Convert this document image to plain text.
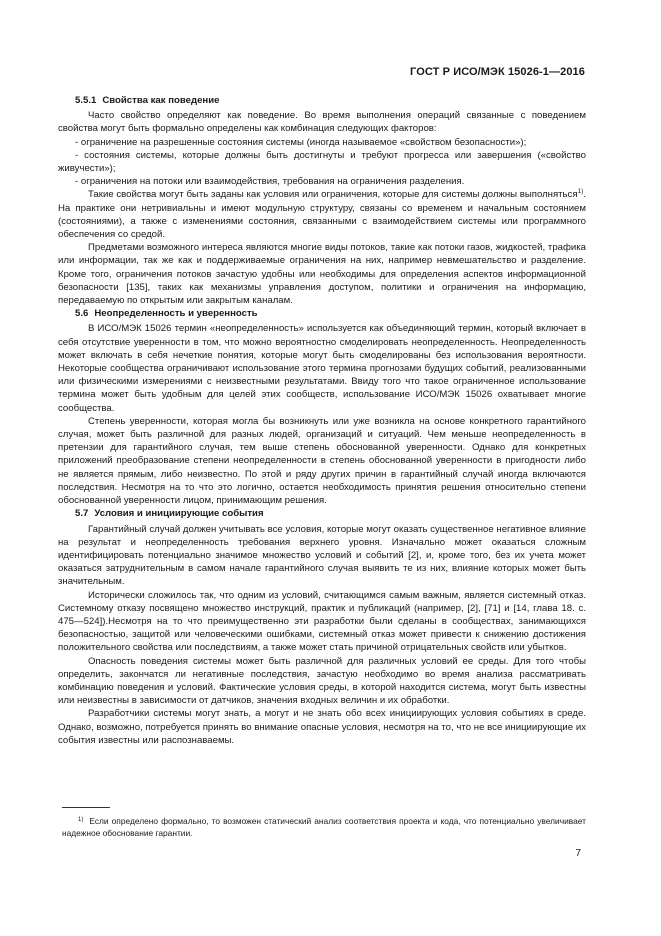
ГОСТ Р ИСО/МЭК 15026-1—2016

5.5.1 Свойства как поведение

Часто свойство определяют как поведение. Во время выполнения операций связанные с поведением свойства могут быть формально определены как комбинация следующих факторов:

- ограничение на разрешенные состояния системы (иногда называемое «свойством безопасности»);

- состояния системы, которые должны быть достигнуты и требуют прогресса или завершения («свойство живучести»);

- ограничения на потоки или взаимодействия, требования на ограничения разделения.

Такие свойства могут быть заданы как условия или ограничения, которые для системы должны выполняться$^{1)}$. На практике они нетривиальны и имеют модульную структуру, связаны со временем и начальным состоянием (состояниями), а также с изменениями состояния, связанными с взаимодействием системы или программного обеспечения со средой.

Предметами возможного интереса являются многие виды потоков, такие как потоки газов, жидкостей, трафика или информации, так же как и поддерживаемые ограничения на них, например невмешательство и разделение. Кроме того, ограничения потоков зачастую удобны или необходимы для определения аспектов информационной безопасности [135], таких как механизмы управления доступом, политики и ограничения на информацию, передаваемую по открытым или закрытым каналам.

5.6 Неопределенность и уверенность

В ИСО/МЭК 15026 термин «неопределенность» используется как объединяющий термин, который включает в себя отсутствие уверенности в том, что можно вероятностно смоделировать неопределенность. Неопределенность может включать в себя нечеткие понятия, которые могут быть смоделированы без использования вероятности. Некоторые сообщества ограничивают использование этого термина прогнозами будущих событий, реализованными или физическими измерениями с неизвестными результатами. Ввиду того что такое ограниченное использование термина может быть удобным для целей этих сообществ, использование ИСО/МЭК 15026 охватывает многие сообщества.

Степень уверенности, которая могла бы возникнуть или уже возникла на основе конкретного гарантийного случая, может быть различной для разных людей, организаций и ситуаций. Чем меньше неопределенность в претензии для гарантийного случая, тем выше степень обоснованной уверенности. Однако для конкретных приложений преобразование степени неопределенности в степень обоснованной уверенности в пригодности либо не является прямым, либо неизвестно. По этой и ряду других причин в гарантийный случай иногда включаются последствия. Несмотря на то что это логично, остается необходимость принятия решения относительно степени обоснованной уверенности лицом, принимающим решения.

5.7 Условия и инициирующие события

Гарантийный случай должен учитывать все условия, которые могут оказать существенное негативное влияние на результат и неопределенность требования верхнего уровня. Изначально может оказаться сложным идентифицировать потенциально значимое множество условий и событий [2], и, кроме того, без их учета может оказаться затруднительным в самом начале гарантийного случая выявить те из них, влияние которых может быть значительным.

Исторически сложилось так, что одним из условий, считающимся самым важным, является системный отказ. Системному отказу посвящено множество инструкций, практик и публикаций (например, [2], [71] и [14, глава 18. с. 475—524]).Несмотря на то что преимущественно эти разработки были сделаны в сообществах, занимающихся безопасностью, защитой или человеческими ошибками, системный отказ может привести к снижению достижения положительного свойства или последствиям, а также может стать причиной отрицательных свойств или убытков.

Опасность поведения системы может быть различной для различных условий ее среды. Для того чтобы определить, закончатся ли негативные последствия, зачастую необходимо во время анализа рассматривать комбинацию поведения и условий. Фактические условия среды, в которой находится система, могут быть известны или неизвестны в зависимости от датчиков, значения входных величин и их обработки.

Разработчики системы могут знать, а могут и не знать обо всех инициирующих условия событиях в среде. Однако, возможно, потребуется принять во внимание опасные условия, несмотря на то, что не все инициирующие их события известны или распознаваемы.

$^{1)}$ Если определено формально, то возможен статический анализ соответствия проекта и кода, что потенциально увеличивает надежное обоснование гарантии.
7
